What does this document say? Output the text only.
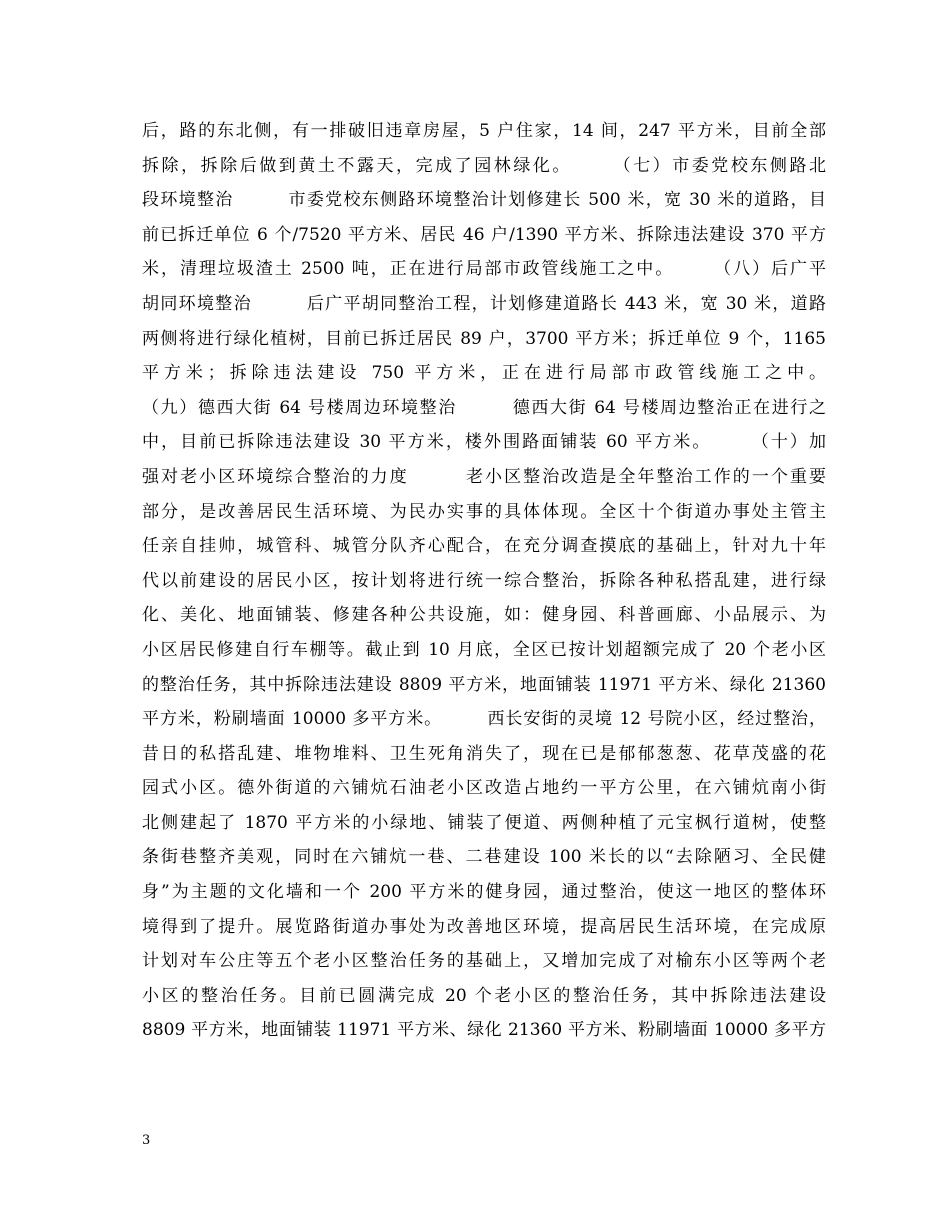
后，路的东北侧，有一排破旧违章房屋，5 户住家，14 间，247 平方米，目前全部
拆除，拆除后做到黄土不露天，完成了园林绿化。　　　（七）市委党校东侧路北
段环境整治　　　市委党校东侧路环境整治计划修建长 500 米，宽 30 米的道路，目
前已拆迁单位 6 个/7520 平方米、居民 46 户/1390 平方米、拆除违法建设 370 平方
米，清理垃圾渣土 2500 吨，正在进行局部市政管线施工之中。　　　（八）后广平
胡同环境整治　　　后广平胡同整治工程，计划修建道路长 443 米，宽 30 米，道路
两侧将进行绿化植树，目前已拆迁居民 89 户，3700 平方米；拆迁单位 9 个，1165
平方米；拆除违法建设 750 平方米，正在进行局部市政管线施工之中。
（九）德西大街 64 号楼周边环境整治　　　德西大街 64 号楼周边整治正在进行之
中，目前已拆除违法建设 30 平方米，楼外围路面铺装 60 平方米。　　　（十）加
强对老小区环境综合整治的力度　　　老小区整治改造是全年整治工作的一个重要
部分，是改善居民生活环境、为民办实事的具体体现。全区十个街道办事处主管主
任亲自挂帅，城管科、城管分队齐心配合，在充分调查摸底的基础上，针对九十年
代以前建设的居民小区，按计划将进行统一综合整治，拆除各种私搭乱建，进行绿
化、美化、地面铺装、修建各种公共设施，如：健身园、科普画廊、小品展示、为
小区居民修建自行车棚等。截止到 10 月底，全区已按计划超额完成了 20 个老小区
的整治任务，其中拆除违法建设 8809 平方米，地面铺装 11971 平方米、绿化 21360
平方米，粉刷墙面 10000 多平方米。　　　西长安街的灵境 12 号院小区，经过整治，
昔日的私搭乱建、堆物堆料、卫生死角消失了，现在已是郁郁葱葱、花草茂盛的花
园式小区。德外街道的六铺炕石油老小区改造占地约一平方公里，在六铺炕南小街
北侧建起了 1870 平方米的小绿地、铺装了便道、两侧种植了元宝枫行道树，使整
条街巷整齐美观，同时在六铺炕一巷、二巷建设 100 米长的以“去除陋习、全民健
身”为主题的文化墙和一个 200 平方米的健身园，通过整治，使这一地区的整体环
境得到了提升。展览路街道办事处为改善地区环境，提高居民生活环境，在完成原
计划对车公庄等五个老小区整治任务的基础上，又增加完成了对榆东小区等两个老
小区的整治任务。目前已圆满完成 20 个老小区的整治任务，其中拆除违法建设
8809 平方米，地面铺装 11971 平方米、绿化 21360 平方米、粉刷墙面 10000 多平方
3
